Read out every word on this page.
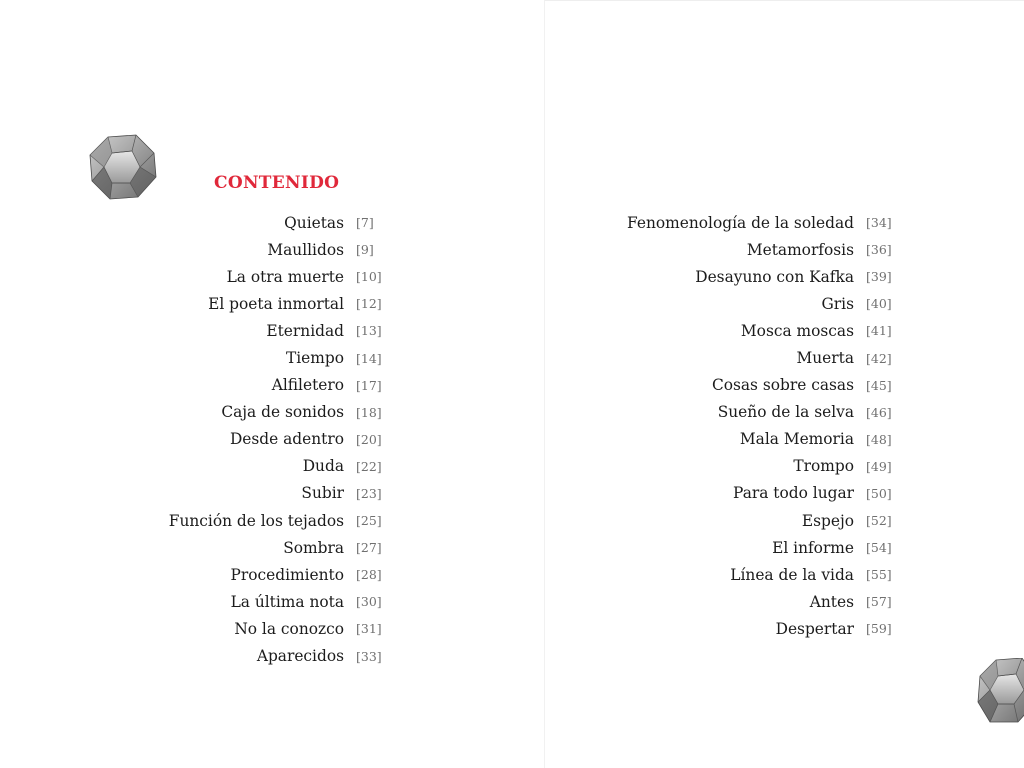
CONTENIDO
Quietas [7]
Maullidos [9]
La otra muerte [10]
El poeta inmortal [12]
Eternidad [13]
Tiempo [14]
Alfiletero [17]
Caja de sonidos [18]
Desde adentro [20]
Duda [22]
Subir [23]
Función de los tejados [25]
Sombra [27]
Procedimiento [28]
La última nota [30]
No la conozco [31]
Aparecidos [33]
Fenomenología de la soledad [34]
Metamorfosis [36]
Desayuno con Kafka [39]
Gris [40]
Mosca moscas [41]
Muerta [42]
Cosas sobre casas [45]
Sueño de la selva [46]
Mala Memoria [48]
Trompo [49]
Para todo lugar [50]
Espejo [52]
El informe [54]
Línea de la vida [55]
Antes [57]
Despertar [59]
